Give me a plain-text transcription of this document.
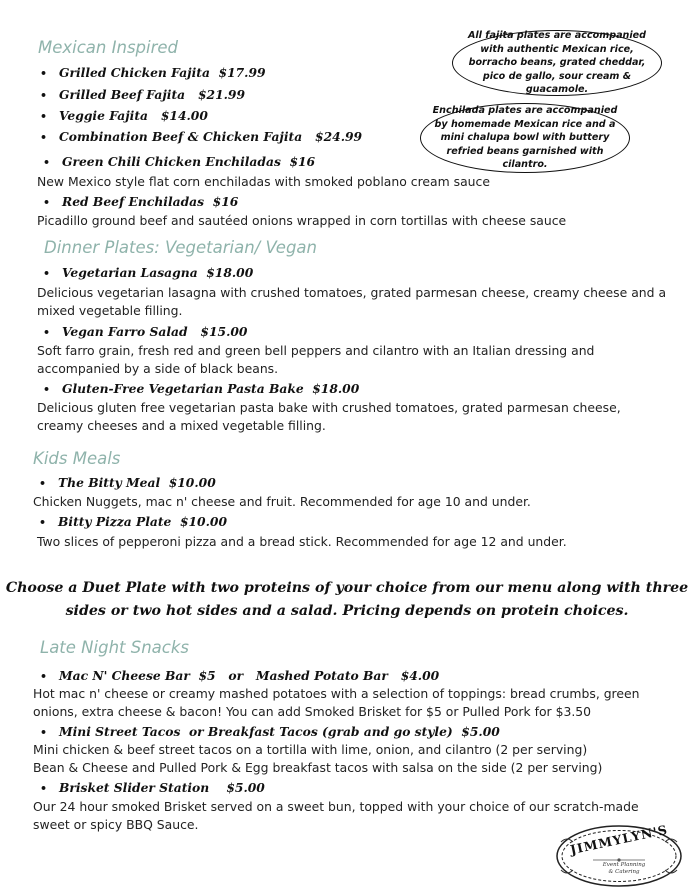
Mexican Inspired
• Grilled Chicken Fajita $17.99
• Grilled Beef Fajita $21.99
• Veggie Fajita $14.00
• Combination Beef & Chicken Fajita $24.99
• Green Chili Chicken Enchiladas $16
New Mexico style flat corn enchiladas with smoked poblano cream sauce
• Red Beef Enchiladas $16
Picadillo ground beef and sautéed onions wrapped in corn tortillas with cheese sauce
All fajita plates are accompanied with authentic Mexican rice, borracho beans, grated cheddar, pico de gallo, sour cream & guacamole.
Enchilada plates are accompanied by homemade Mexican rice and a mini chalupa bowl with buttery refried beans garnished with cilantro.
Dinner Plates: Vegetarian/ Vegan
• Vegetarian Lasagna $18.00
Delicious vegetarian lasagna with crushed tomatoes, grated parmesan cheese, creamy cheese and a
mixed vegetable filling.
• Vegan Farro Salad $15.00
Soft farro grain, fresh red and green bell peppers and cilantro with an Italian dressing and
accompanied by a side of black beans.
• Gluten-Free Vegetarian Pasta Bake $18.00
Delicious gluten free vegetarian pasta bake with crushed tomatoes, grated parmesan cheese,
creamy cheeses and a mixed vegetable filling.
Kids Meals
• The Bitty Meal $10.00
Chicken Nuggets, mac n' cheese and fruit. Recommended for age 10 and under.
• Bitty Pizza Plate $10.00
Two slices of pepperoni pizza and a bread stick. Recommended for age 12 and under.
Choose a Duet Plate with two proteins of your choice from our menu along with three
sides or two hot sides and a salad. Pricing depends on protein choices.
Late Night Snacks
• Mac N' Cheese Bar  $5   or   Mashed Potato Bar $4.00
Hot mac n' cheese or creamy mashed potatoes with a selection of toppings: bread crumbs, green
onions, extra cheese & bacon! You can add Smoked Brisket for $5 or Pulled Pork for $3.50
• Mini Street Tacos  or Breakfast Tacos (grab and go style) $5.00
Mini chicken & beef street tacos on a tortilla with lime, onion, and cilantro (2 per serving)
Bean & Cheese and Pulled Pork & Egg breakfast tacos with salsa on the side (2 per serving)
• Brisket Slider Station $5.00
Our 24 hour smoked Brisket served on a sweet bun, topped with your choice of our scratch-made
sweet or spicy BBQ Sauce.	JIMMYLYN'S
Event Planning
& Catering
